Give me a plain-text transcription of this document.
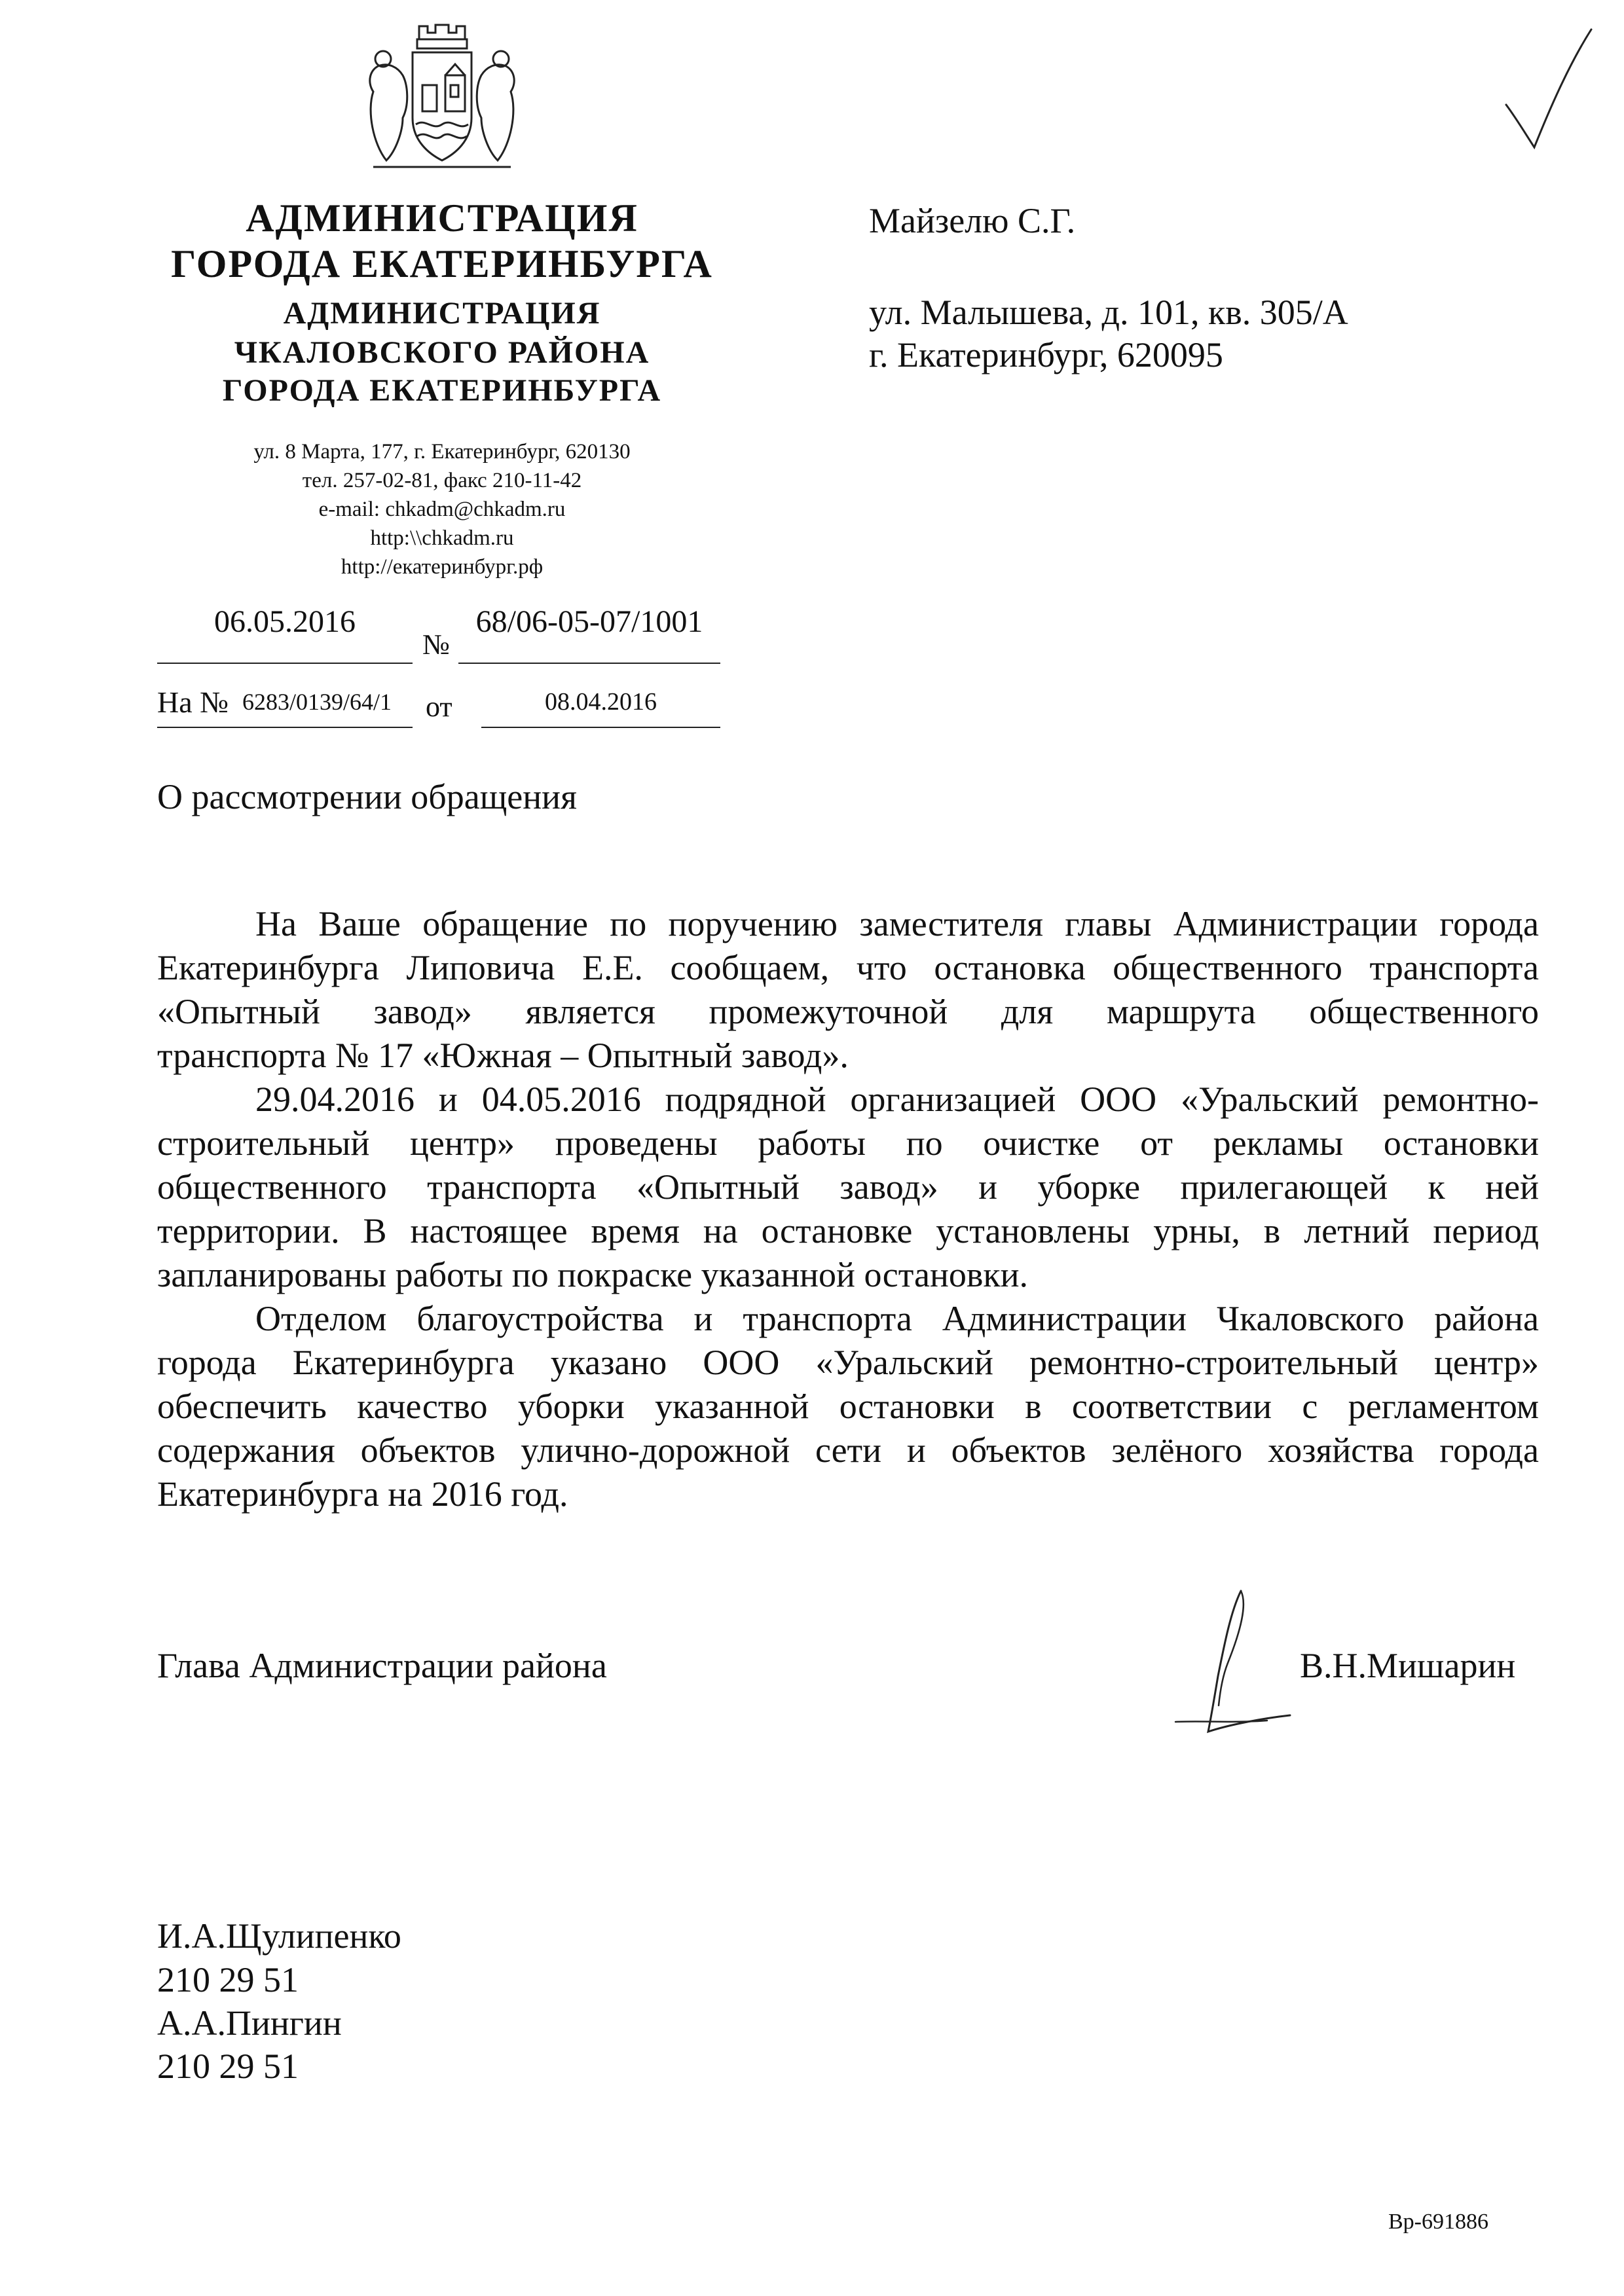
АДМИНИСТРАЦИЯ
ГОРОДА ЕКАТЕРИНБУРГА
АДМИНИСТРАЦИЯ
ЧКАЛОВСКОГО РАЙОНА
ГОРОДА ЕКАТЕРИНБУРГА
ул. 8 Марта, 177, г. Екатеринбург, 620130
тел. 257-02-81, факс 210-11-42
e-mail: chkadm@chkadm.ru
http:\\chkadm.ru
http://екатеринбург.рф
06.05.2016
№
68/06-05-07/1001
На № 6283/0139/64/1 от	08.04.2016
Майзелю С.Г.
ул. Малышева, д. 101, кв. 305/А
г. Екатеринбург, 620095
О рассмотрении обращения
На Ваше обращение по поручению заместителя главы Администрации города
Екатеринбурга Липовича Е.Е. сообщаем, что остановка общественного транспорта
«Опытный завод» является промежуточной для маршрута общественного
транспорта № 17 «Южная – Опытный завод».
29.04.2016 и 04.05.2016 подрядной организацией ООО «Уральский ремонтно-
строительный центр» проведены работы по очистке от рекламы остановки
общественного транспорта «Опытный завод» и уборке прилегающей к ней
территории. В настоящее время на остановке установлены урны, в летний период
запланированы работы по покраске указанной остановки.
Отделом благоустройства и транспорта Администрации Чкаловского района
города Екатеринбурга указано ООО «Уральский ремонтно-строительный центр»
обеспечить качество уборки указанной остановки в соответствии с регламентом
содержания объектов улично-дорожной сети и объектов зелёного хозяйства города
Екатеринбурга на 2016 год.
Глава Администрации района	В.Н.Мишарин
И.А.Щулипенко
210 29 51
А.А.Пингин
210 29 51
Вр-691886
